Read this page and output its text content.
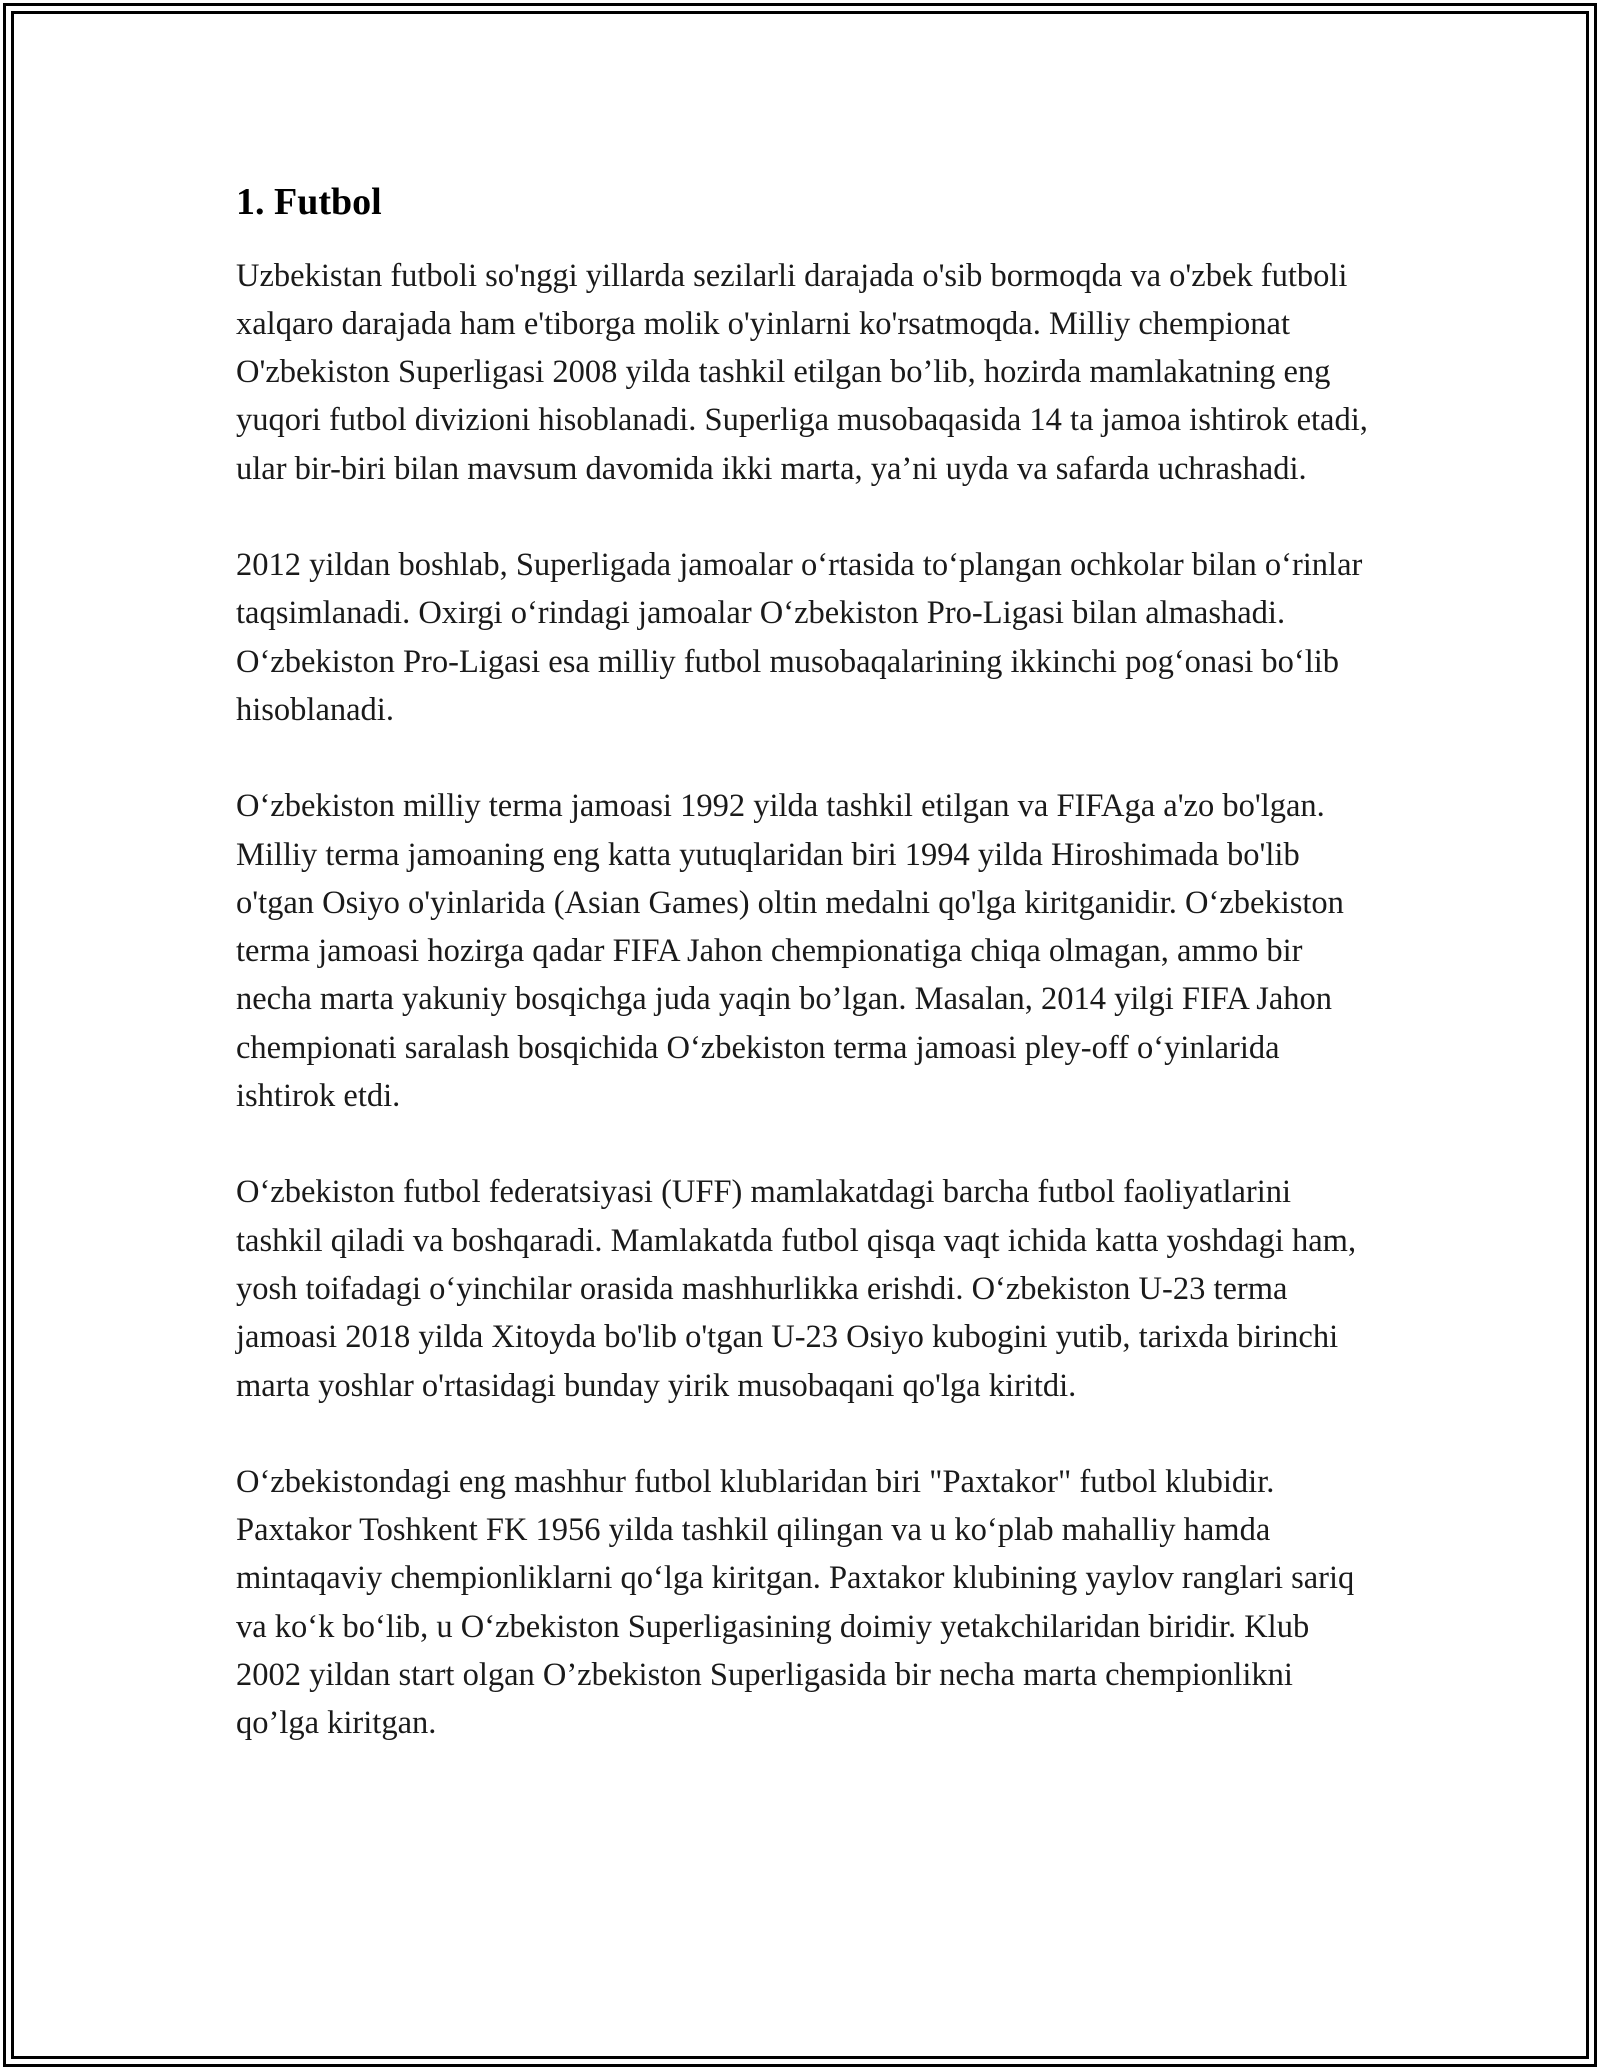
1. Futbol

Uzbekistan futboli so'nggi yillarda sezilarli darajada o'sib bormoqda va o'zbek futboli xalqaro darajada ham e'tiborga molik o'yinlarni ko'rsatmoqda. Milliy chempionat O'zbekiston Superligasi 2008 yilda tashkil etilgan bo’lib, hozirda mamlakatning eng yuqori futbol divizioni hisoblanadi. Superliga musobaqasida 14 ta jamoa ishtirok etadi, ular bir-biri bilan mavsum davomida ikki marta, ya’ni uyda va safarda uchrashadi.

2012 yildan boshlab, Superligada jamoalar o‘rtasida to‘plangan ochkolar bilan o‘rinlar taqsimlanadi. Oxirgi o‘rindagi jamoalar O‘zbekiston Pro-Ligasi bilan almashadi. O‘zbekiston Pro-Ligasi esa milliy futbol musobaqalarining ikkinchi pog‘onasi bo‘lib hisoblanadi.

O‘zbekiston milliy terma jamoasi 1992 yilda tashkil etilgan va FIFAga a'zo bo'lgan. Milliy terma jamoaning eng katta yutuqlaridan biri 1994 yilda Hiroshimada bo'lib o'tgan Osiyo o'yinlarida (Asian Games) oltin medalni qo'lga kiritganidir. O‘zbekiston terma jamoasi hozirga qadar FIFA Jahon chempionatiga chiqa olmagan, ammo bir necha marta yakuniy bosqichga juda yaqin bo’lgan. Masalan, 2014 yilgi FIFA Jahon chempionati saralash bosqichida O‘zbekiston terma jamoasi pley-off o‘yinlarida ishtirok etdi.

O‘zbekiston futbol federatsiyasi (UFF) mamlakatdagi barcha futbol faoliyatlarini tashkil qiladi va boshqaradi. Mamlakatda futbol qisqa vaqt ichida katta yoshdagi ham, yosh toifadagi o‘yinchilar orasida mashhurlikka erishdi. O‘zbekiston U-23 terma jamoasi 2018 yilda Xitoyda bo'lib o'tgan U-23 Osiyo kubogini yutib, tarixda birinchi marta yoshlar o'rtasidagi bunday yirik musobaqani qo'lga kiritdi.

O‘zbekistondagi eng mashhur futbol klublaridan biri "Paxtakor" futbol klubidir. Paxtakor Toshkent FK 1956 yilda tashkil qilingan va u ko‘plab mahalliy hamda mintaqaviy chempionliklarni qo‘lga kiritgan. Paxtakor klubining yaylov ranglari sariq va ko‘k bo‘lib, u O‘zbekiston Superligasining doimiy yetakchilaridan biridir. Klub 2002 yildan start olgan O’zbekiston Superligasida bir necha marta chempionlikni qo’lga kiritgan.
